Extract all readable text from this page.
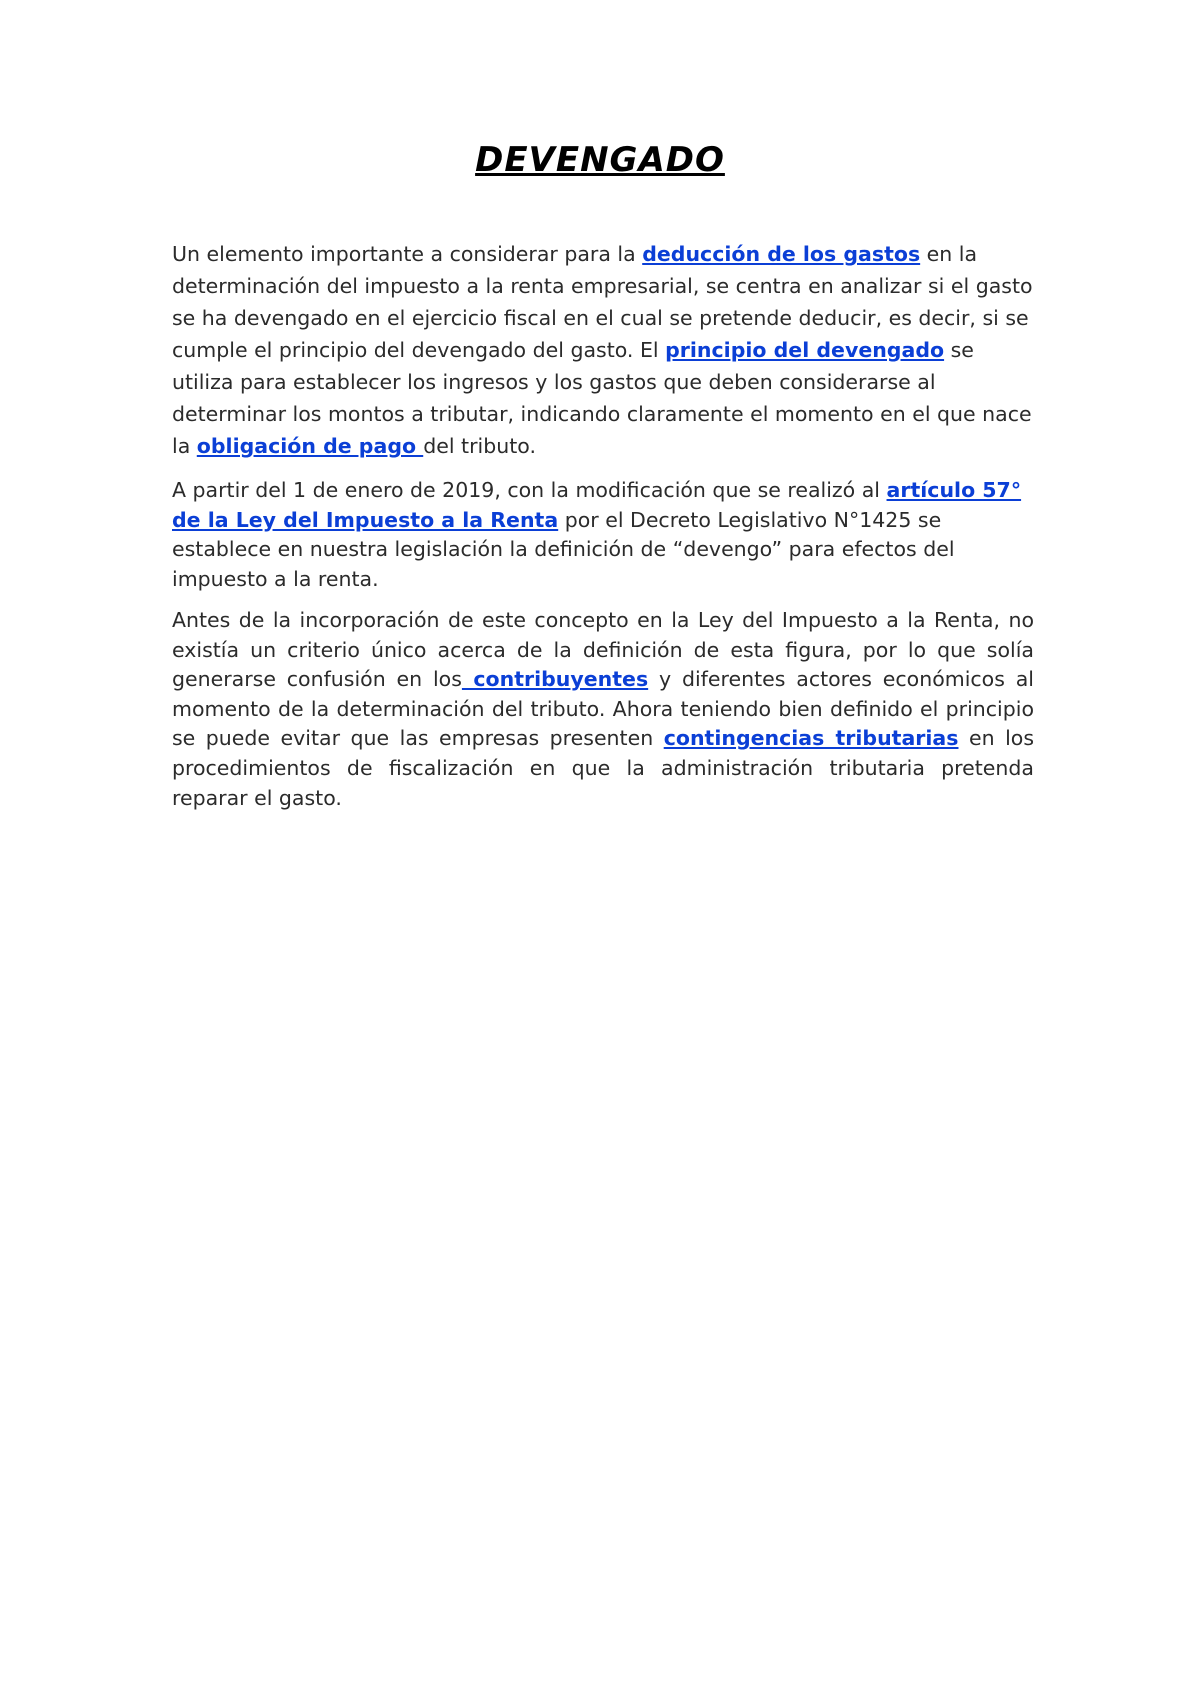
DEVENGADO

Un elemento importante a considerar para la deducción de los gastos en la determinación del impuesto a la renta empresarial, se centra en analizar si el gasto se ha devengado en el ejercicio fiscal en el cual se pretende deducir, es decir, si se cumple el principio del devengado del gasto. El principio del devengado se utiliza para establecer los ingresos y los gastos que deben considerarse al determinar los montos a tributar, indicando claramente el momento en el que nace la obligación de pago del tributo.

A partir del 1 de enero de 2019, con la modificación que se realizó al artículo 57° de la Ley del Impuesto a la Renta por el Decreto Legislativo N°1425 se establece en nuestra legislación la definición de “devengo” para efectos del impuesto a la renta.

Antes de la incorporación de este concepto en la Ley del Impuesto a la Renta, no existía un criterio único acerca de la definición de esta figura, por lo que solía generarse confusión en los contribuyentes y diferentes actores económicos al momento de la determinación del tributo. Ahora teniendo bien definido el principio se puede evitar que las empresas presenten contingencias tributarias en los procedimientos de fiscalización en que la administración tributaria pretenda reparar el gasto.
